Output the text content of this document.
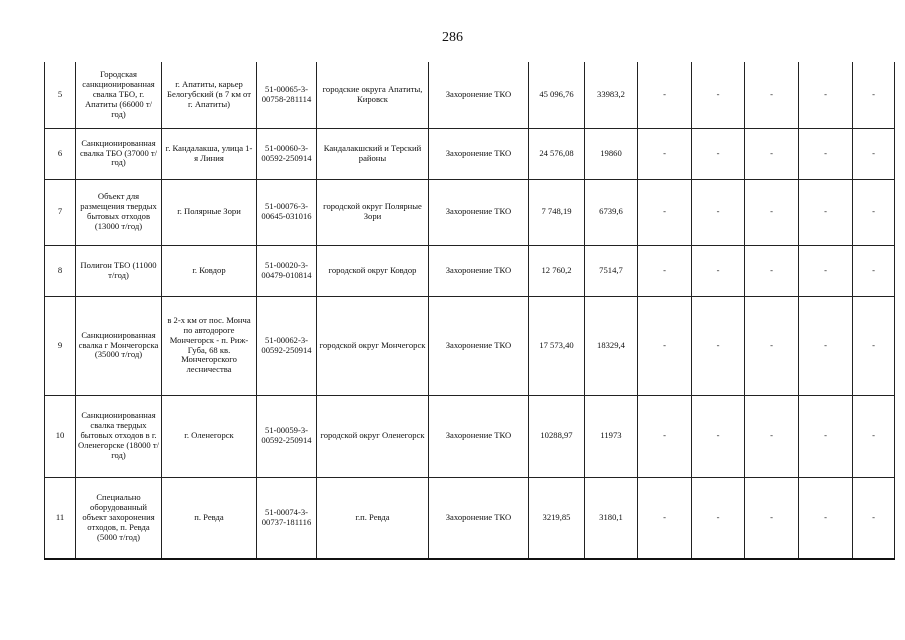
286
5	Городская санкционированная свалка ТБО, г. Апатиты (66000 т/год)	г. Апатиты, карьер Белогубский (в 7 км от г. Апатиты)	51-00065-3-00758-281114	городские округа Апатиты, Кировск	Захоронение ТКО	45 096,76	33983,2	-	-	-	-	-
6	Санкционированная свалка ТБО (37000 т/год)	г. Кандалакша, улица 1-я Линия	51-00060-3-00592-250914	Кандалакшский и Терский районы	Захоронение ТКО	24 576,08	19860	-	-	-	-	-
7	Объект для размещения твердых бытовых отходов (13000 т/год)	г. Полярные Зори	51-00076-3-00645-031016	городской округ Полярные Зори	Захоронение ТКО	7 748,19	6739,6	-	-	-	-	-
8	Полигон ТБО (11000 т/год)	г. Ковдор	51-00020-3-00479-010814	городской округ Ковдор	Захоронение ТКО	12 760,2	7514,7	-	-	-	-	-
9	Санкционированная свалка г Мончегорска (35000 т/год)	в 2-х км от пос. Монча по автодороге Мончегорск - п. Риж-Губа, 68 кв. Мончегорского лесничества	51-00062-3-00592-250914	городской округ Мончегорск	Захоронение ТКО	17 573,40	18329,4	-	-	-	-	-
10	Санкционированная свалка твердых бытовых отходов в г. Оленегорске (18000 т/год)	г. Оленегорск	51-00059-3-00592-250914	городской округ Оленегорск	Захоронение ТКО	10288,97	11973	-	-	-	-	-
11	Специально оборудованный объект захоронения отходов, п. Ревда (5000 т/год)	п. Ревда	51-00074-3-00737-181116	г.п. Ревда	Захоронение ТКО	3219,85	3180,1	-	-	-	-	-
